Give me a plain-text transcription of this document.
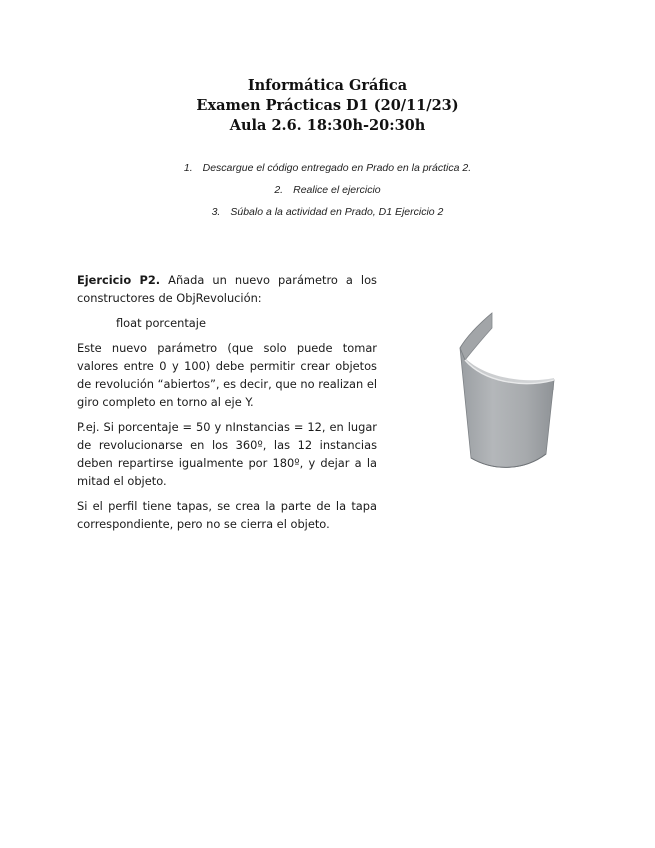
Informática Gráfica
Examen Prácticas D1 (20/11/23)
Aula 2.6. 18:30h-20:30h
1. Descargue el código entregado en Prado en la práctica 2.
2. Realice el ejercicio
3. Súbalo a la actividad en Prado, D1 Ejercicio 2

Ejercicio P2. Añada un nuevo parámetro a los constructores de ObjRevolución:

float porcentaje

Este nuevo parámetro (que solo puede tomar valores entre 0 y 100) debe permitir crear objetos de revolución “abiertos”, es decir, que no realizan el giro completo en torno al eje Y.

P.ej. Si porcentaje = 50 y nInstancias = 12, en lugar de revolucionarse en los 360º, las 12 instancias deben repartirse igualmente por 180º, y dejar a la mitad el objeto.

Si el perfil tiene tapas, se crea la parte de la tapa correspondiente, pero no se cierra el objeto.
